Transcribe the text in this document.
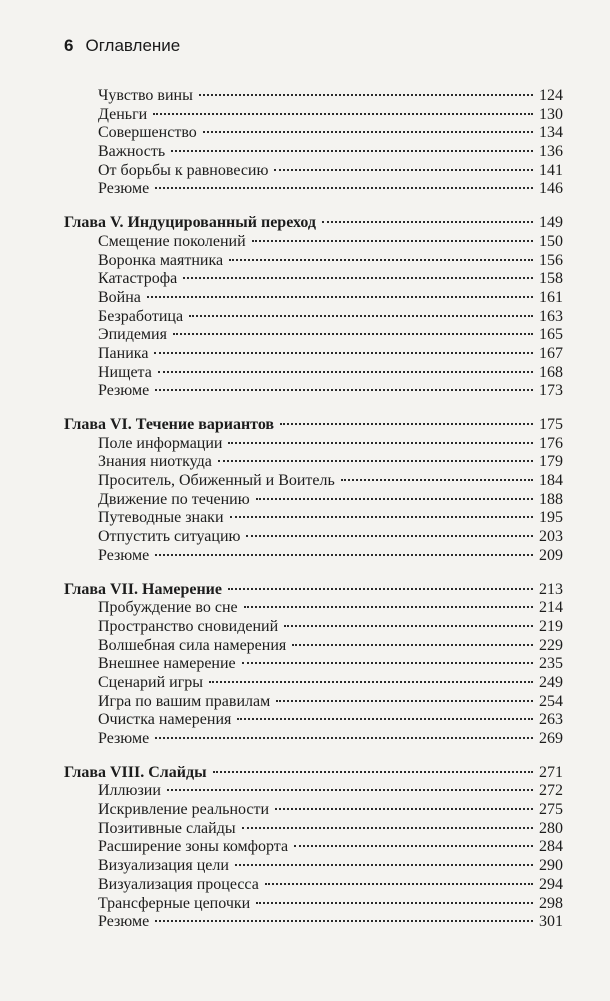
6 Оглавление
Чувство вины	124
Деньги	130
Совершенство	134
Важность	136
От борьбы к равновесию	141
Резюме	146
Глава V. Индуцированный переход	149
Смещение поколений	150
Воронка маятника	156
Катастрофа	158
Война	161
Безработица	163
Эпидемия	165
Паника	167
Нищета	168
Резюме	173
Глава VI. Течение вариантов	175
Поле информации	176
Знания ниоткуда	179
Проситель, Обиженный и Воитель	184
Движение по течению	188
Путеводные знаки	195
Отпустить ситуацию	203
Резюме	209
Глава VII. Намерение	213
Пробуждение во сне	214
Пространство сновидений	219
Волшебная сила намерения	229
Внешнее намерение	235
Сценарий игры	249
Игра по вашим правилам	254
Очистка намерения	263
Резюме	269
Глава VIII. Слайды	271
Иллюзии	272
Искривление реальности	275
Позитивные слайды	280
Расширение зоны комфорта	284
Визуализация цели	290
Визуализация процесса	294
Трансферные цепочки	298
Резюме	301
